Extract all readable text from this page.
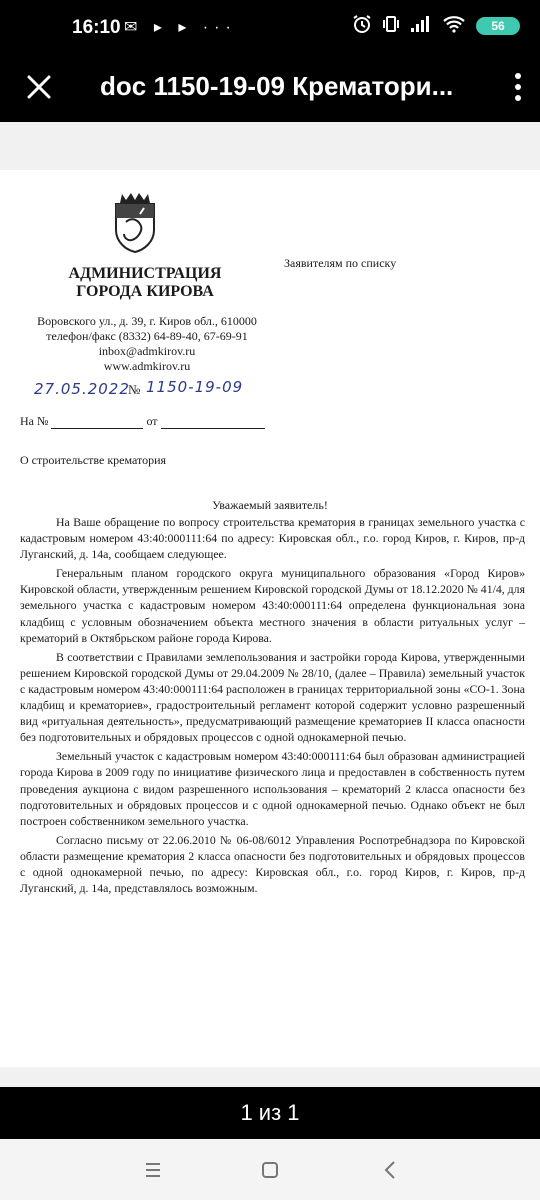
16:10 ✉ ▸ ▸ ···	56
doc 1150-19-09 Крематори...
АДМИНИСТРАЦИЯ ГОРОДА КИРОВА
Заявителям по списку
Воровского ул., д. 39, г. Киров обл., 610000
телефон/факс (8332) 64-89-40, 67-69-91
inbox@admkirov.ru
www.admkirov.ru
27.05.2022
№ 1150-19-09
На №	от
О строительстве крематория
Уважаемый заявитель!

На Ваше обращение по вопросу строительства крематория в границах земельного участка с кадастровым номером 43:40:000111:64 по адресу: Кировская обл., г.о. город Киров, г. Киров, пр-д Луганский, д. 14а, сообщаем следующее.

Генеральным планом городского округа муниципального образования «Город Киров» Кировской области, утвержденным решением Кировской городской Думы от 18.12.2020 № 41/4, для земельного участка с кадастровым номером 43:40:000111:64 определена функциональная зона кладбищ с условным обозначением объекта местного значения в области ритуальных услуг – крематорий в Октябрьском районе города Кирова.

В соответствии с Правилами землепользования и застройки города Кирова, утвержденными решением Кировской городской Думы от 29.04.2009 № 28/10, (далее – Правила) земельный участок с кадастровым номером 43:40:000111:64 расположен в границах территориальной зоны «СО-1. Зона кладбищ и крематориев», градостроительный регламент которой содержит условно разрешенный вид «ритуальная деятельность», предусматривающий размещение крематориев II класса опасности без подготовительных и обрядовых процессов с одной однокамерной печью.

Земельный участок с кадастровым номером 43:40:000111:64 был образован администрацией города Кирова в 2009 году по инициативе физического лица и предоставлен в собственность путем проведения аукциона с видом разрешенного использования – крематорий 2 класса опасности без подготовительных и обрядовых процессов и с одной однокамерной печью. Однако объект не был построен собственником земельного участка.

Согласно письму от 22.06.2010 № 06-08/6012 Управления Роспотребнадзора по Кировской области размещение крематория 2 класса опасности без подготовительных и обрядовых процессов с одной однокамерной печью, по адресу: Кировская обл., г.о. город Киров, г. Киров, пр-д Луганский, д. 14а, представлялось возможным.

1 из 1
